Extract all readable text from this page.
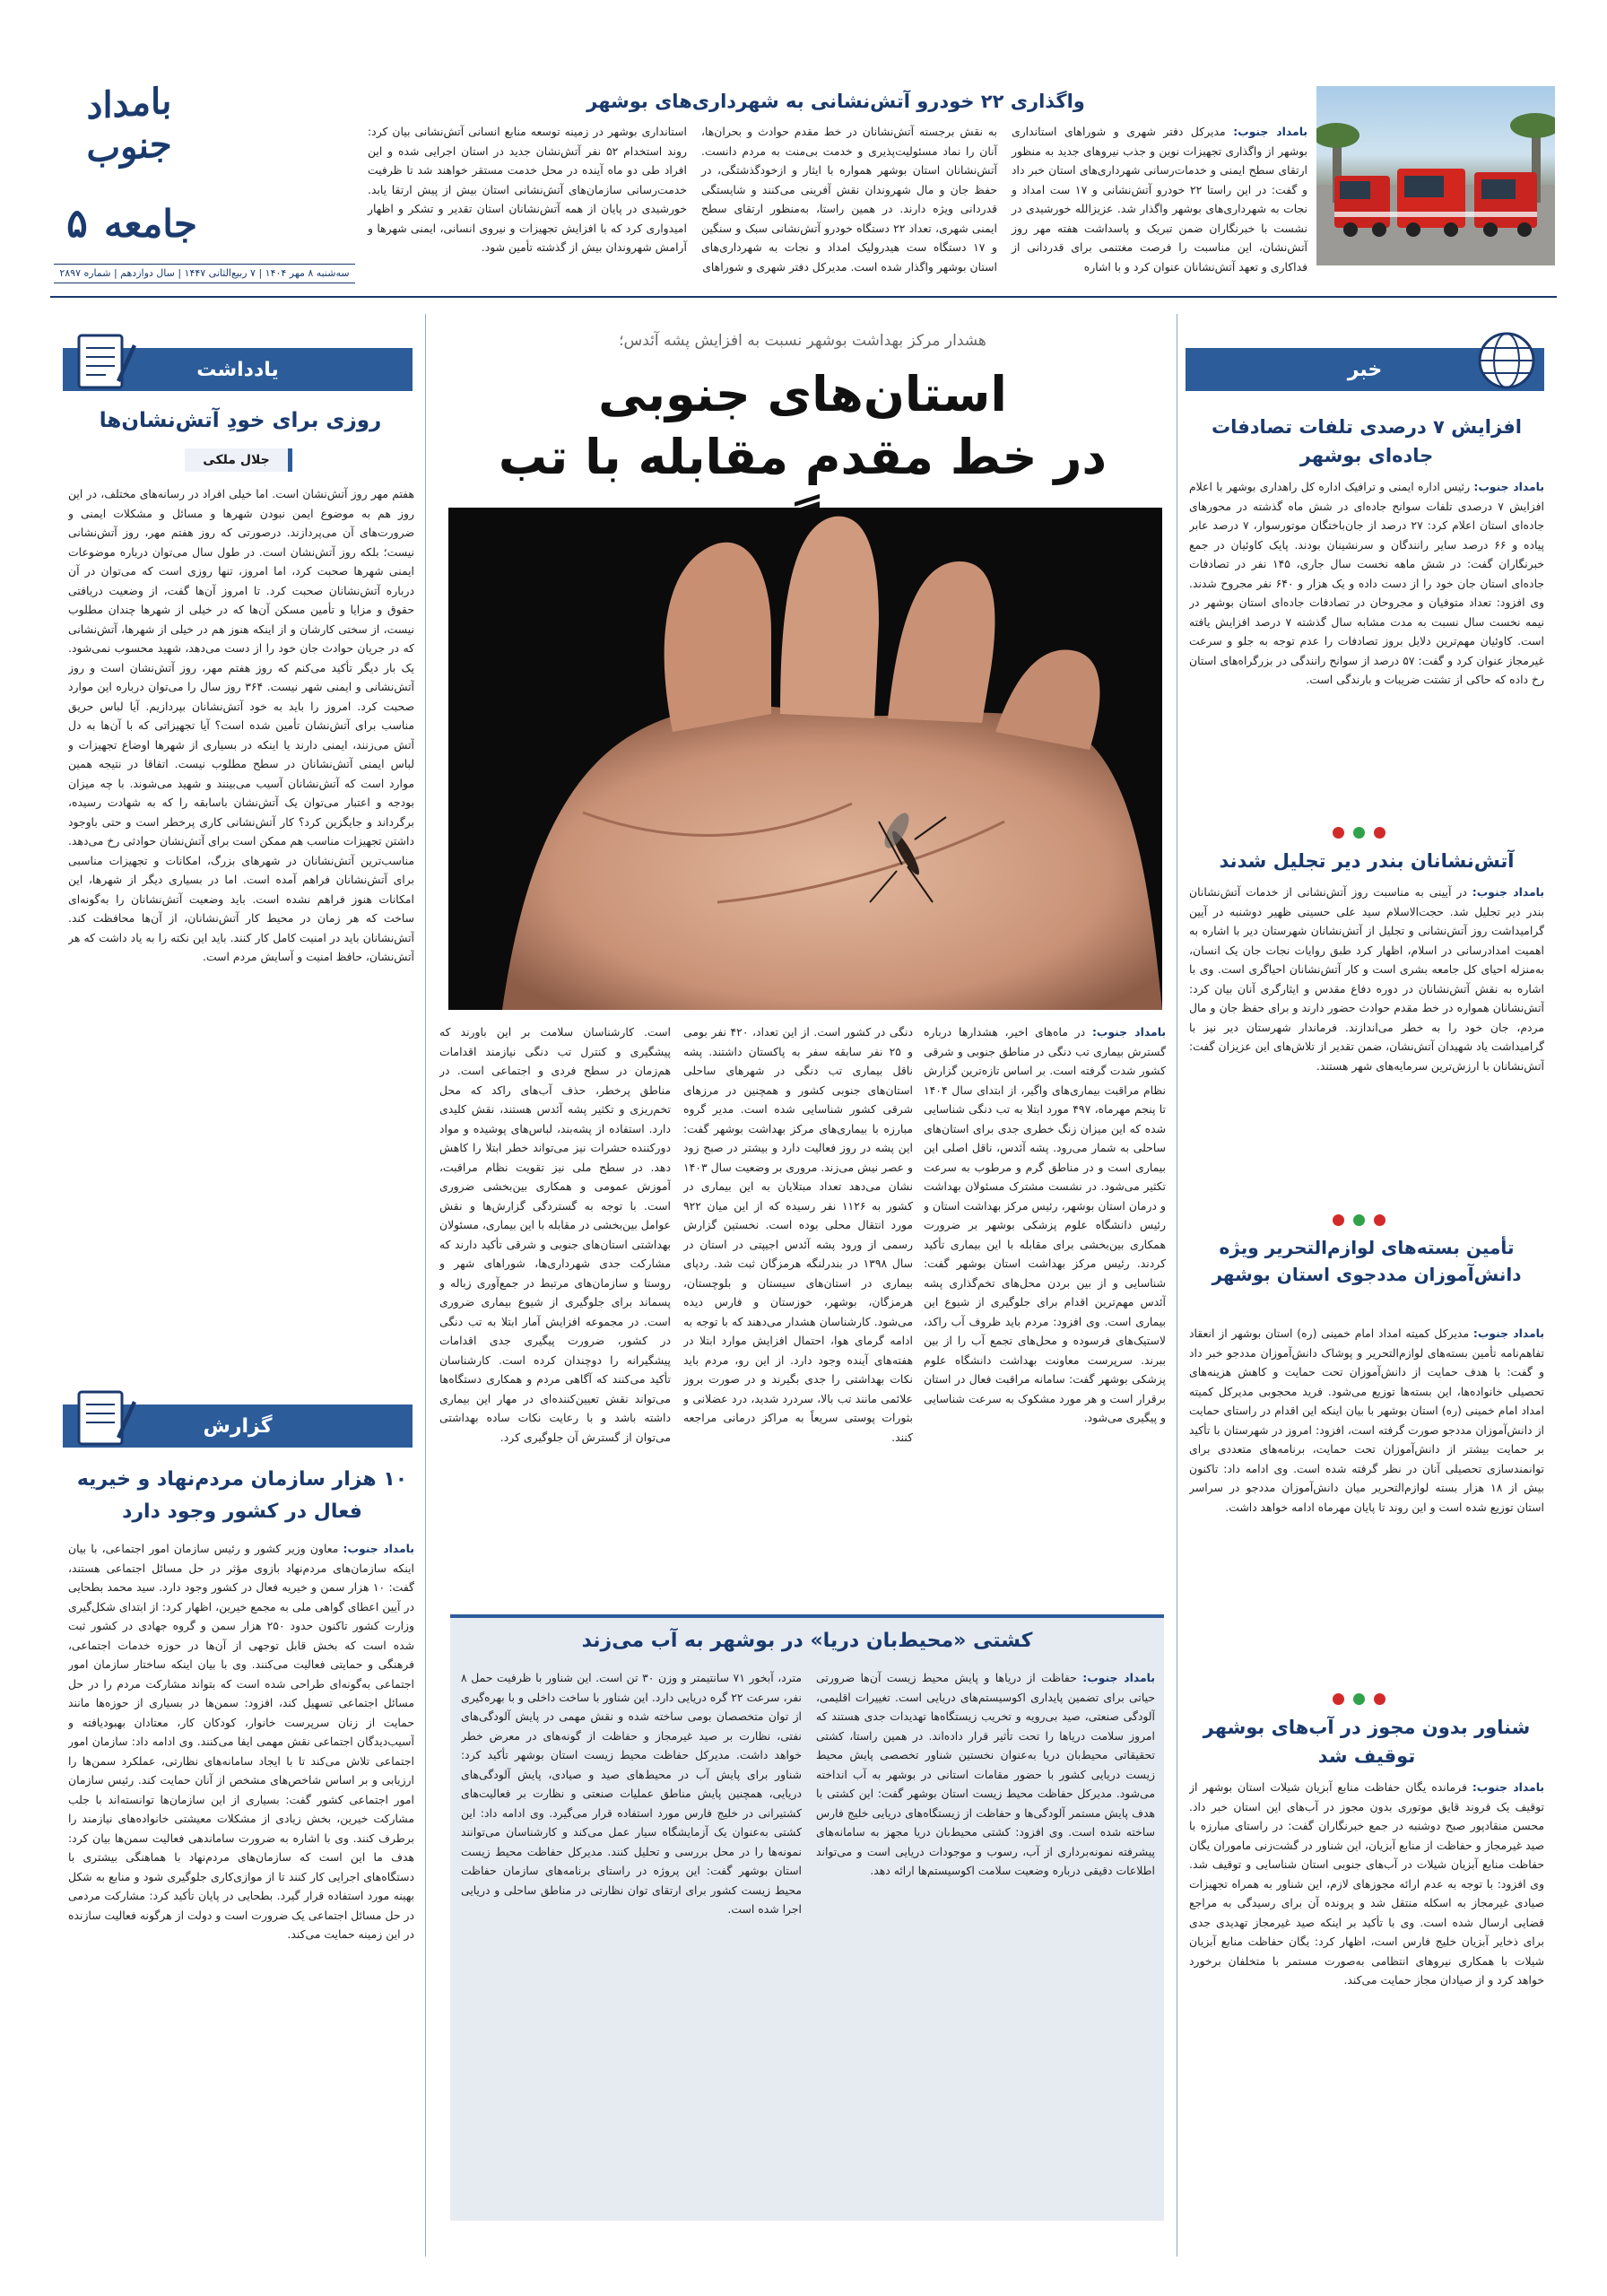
بامداد جنوب
جامعه
۵
سه‌شنبه ۸ مهر ۱۴۰۴ | ۷ ربیع‌الثانی ۱۴۴۷ | سال دوازدهم | شماره ۲۸۹۷
واگذاری ۲۲ خودرو آتش‌نشانی به شهرداری‌های بوشهر
بامداد جنوب: مدیرکل دفتر شهری و شوراهای استانداری بوشهر از واگذاری تجهیزات نوین و جذب نیروهای جدید به منظور ارتقای سطح ایمنی و خدمات‌رسانی شهرداری‌های استان خبر داد و گفت: در این راستا ۲۲ خودرو آتش‌نشانی و ۱۷ ست امداد و نجات به شهرداری‌های بوشهر واگذار شد. عزیزالله خورشیدی در نشست با خبرنگاران ضمن تبریک و پاسداشت هفته مهر روز آتش‌نشان، این مناسبت را فرصت مغتنمی برای قدردانی از فداکاری و تعهد آتش‌نشانان عنوان کرد و با اشاره
به نقش برجسته آتش‌نشانان در خط مقدم حوادث و بحران‌ها، آنان را نماد مسئولیت‌پذیری و خدمت بی‌منت به مردم دانست. آتش‌نشانان استان بوشهر همواره با ایثار و ازخودگذشتگی، در حفظ جان و مال شهروندان نقش آفرینی می‌کنند و شایستگی قدردانی ویژه دارند. در همین راستا، به‌منظور ارتقای سطح ایمنی شهری، تعداد ۲۲ دستگاه خودرو آتش‌نشانی سبک و سنگین و ۱۷ دستگاه ست هیدرولیک امداد و نجات به شهرداری‌های استان بوشهر واگذار شده است. مدیرکل دفتر شهری و شوراهای
استانداری بوشهر در زمینه توسعه منابع انسانی آتش‌نشانی بیان کرد: روند استخدام ۵۲ نفر آتش‌نشان جدید در استان اجرایی شده و این افراد طی دو ماه آینده در محل خدمت مستقر خواهند شد تا ظرفیت خدمت‌رسانی سازمان‌های آتش‌نشانی استان بیش از پیش ارتقا یابد. خورشیدی در پایان از همه آتش‌نشانان استان تقدیر و تشکر و اظهار امیدواری کرد که با افزایش تجهیزات و نیروی انسانی، ایمنی شهرها و آرامش شهروندان بیش از گذشته تأمین شود.
یادداشت
روزی برای خودِ آتش‌نشان‌ها
جلال ملکی
هفتم مهر روز آتش‌نشان است. اما خیلی افراد در رسانه‌های مختلف، در این روز هم به موضوع ایمن نبودن شهرها و مسائل و مشکلات ایمنی و ضرورت‌های آن می‌پردازند. درصورتی که روز هفتم مهر، روز آتش‌نشانی نیست؛ بلکه روز آتش‌نشان است. در طول سال می‌توان درباره موضوعات ایمنی شهرها صحبت کرد، اما امروز، تنها روزی است که می‌توان در آن درباره آتش‌نشانان صحبت کرد. تا امروز آن‌ها گفت، از وضعیت دریافتی حقوق و مزایا و تأمین مسکن آن‌ها که در خیلی از شهرها چندان مطلوب نیست، از سختی کارشان و از اینکه هنوز هم در خیلی از شهرها، آتش‌نشانی که در جریان حوادث جان خود را از دست می‌دهد، شهید محسوب نمی‌شود. یک بار دیگر تأکید می‌کنم که روز هفتم مهر، روز آتش‌نشان است و روز آتش‌نشانی و ایمنی شهر نیست. ۳۶۴ روز سال را می‌توان درباره این موارد صحبت کرد. امروز را باید به خود آتش‌نشانان بپردازیم. آیا لباس حریق مناسب برای آتش‌نشان تأمین شده است؟ آیا تجهیزاتی که با آن‌ها به دل آتش می‌زنند، ایمنی دارند یا اینکه در بسیاری از شهرها اوضاع تجهیزات و لباس ایمنی آتش‌نشانان در سطح مطلوب نیست. اتفاقا در نتیجه همین موارد است که آتش‌نشانان آسیب می‌بینند و شهید می‌شوند. با چه میزان بودجه و اعتبار می‌توان یک آتش‌نشان باسابقه را که به شهادت رسیده، برگرداند و جایگزین کرد؟ کار آتش‌نشانی کاری پرخطر است و حتی باوجود داشتن تجهیزات مناسب هم ممکن است برای آتش‌نشان حوادثی رخ می‌دهد. مناسب‌ترین آتش‌نشانان در شهرهای بزرگ، امکانات و تجهیزات مناسبی برای آتش‌نشانان فراهم آمده است. اما در بسیاری دیگر از شهرها، این امکانات هنوز فراهم نشده است. باید وضعیت آتش‌نشانان را به‌گونه‌ای ساخت که هر زمان در محیط کار آتش‌نشانان، از آن‌ها محافظت کند. آتش‌نشانان باید در امنیت کامل کار کنند. باید این نکته را به یاد داشت که هر آتش‌نشان، حافظ امنیت و آسایش مردم است.
گزارش
۱۰ هزار سازمان مردم‌نهاد و خیریه فعال در کشور وجود دارد
بامداد جنوب: معاون وزیر کشور و رئیس سازمان امور اجتماعی، با بیان اینکه سازمان‌های مردم‌نهاد بازوی مؤثر در حل مسائل اجتماعی هستند، گفت: ۱۰ هزار سمن و خیریه فعال در کشور وجود دارد. سید محمد بطحایی در آیین اعطای گواهی ملی به مجمع خیرین، اظهار کرد: از ابتدای شکل‌گیری وزارت کشور تاکنون حدود ۲۵۰ هزار سمن و گروه جهادی در کشور ثبت شده است که بخش قابل توجهی از آن‌ها در حوزه خدمات اجتماعی، فرهنگی و حمایتی فعالیت می‌کنند. وی با بیان اینکه ساختار سازمان امور اجتماعی به‌گونه‌ای طراحی شده است که بتواند مشارکت مردم را در حل مسائل اجتماعی تسهیل کند، افزود: سمن‌ها در بسیاری از حوزه‌ها مانند حمایت از زنان سرپرست خانوار، کودکان کار، معتادان بهبودیافته و آسیب‌دیدگان اجتماعی نقش مهمی ایفا می‌کنند. وی ادامه داد: سازمان امور اجتماعی تلاش می‌کند تا با ایجاد سامانه‌های نظارتی، عملکرد سمن‌ها را ارزیابی و بر اساس شاخص‌های مشخص از آنان حمایت کند. رئیس سازمان امور اجتماعی کشور گفت: بسیاری از این سازمان‌ها توانسته‌اند با جلب مشارکت خیرین، بخش زیادی از مشکلات معیشتی خانواده‌های نیازمند را برطرف کنند. وی با اشاره به ضرورت ساماندهی فعالیت سمن‌ها بیان کرد: هدف ما این است که سازمان‌های مردم‌نهاد با هماهنگی بیشتری با دستگاه‌های اجرایی کار کنند تا از موازی‌کاری جلوگیری شود و منابع به شکل بهینه مورد استفاده قرار گیرد. بطحایی در پایان تأکید کرد: مشارکت مردمی در حل مسائل اجتماعی یک ضرورت است و دولت از هرگونه فعالیت سازنده در این زمینه حمایت می‌کند.
خبر
افزایش ۷ درصدی تلفات تصادفات جاده‌ای بوشهر
بامداد جنوب: رئیس اداره ایمنی و ترافیک اداره کل راهداری بوشهر با اعلام افزایش ۷ درصدی تلفات سوانح جاده‌ای در شش ماه گذشته در محورهای جاده‌ای استان اعلام کرد: ۲۷ درصد از جان‌باختگان موتورسوار، ۷ درصد عابر پیاده و ۶۶ درصد سایر رانندگان و سرنشینان بودند. پایک کاوئیان در جمع خبرنگاران گفت: در شش ماهه نخست سال جاری، ۱۴۵ نفر در تصادفات جاده‌ای استان جان خود را از دست داده و یک هزار و ۶۴۰ نفر مجروح شدند. وی افزود: تعداد متوفیان و مجروحان در تصادفات جاده‌ای استان بوشهر در نیمه نخست سال نسبت به مدت مشابه سال گذشته ۷ درصد افزایش یافته است. کاوئیان مهم‌ترین دلایل بروز تصادفات را عدم توجه به جلو و سرعت غیرمجاز عنوان کرد و گفت: ۵۷ درصد از سوانح رانندگی در بزرگراه‌های استان رخ داده که حاکی از تشتت ضریبات و بارندگی است.
آتش‌نشانان بندر دیر تجلیل شدند
بامداد جنوب: در آیینی به مناسبت روز آتش‌نشانی از خدمات آتش‌نشانان بندر دیر تجلیل شد. حجت‌الاسلام سید علی حسینی ظهیر دوشنبه در آیین گرامیداشت روز آتش‌نشانی و تجلیل از آتش‌نشانان شهرستان دیر با اشاره به اهمیت امدادرسانی در اسلام، اظهار کرد طبق روایات نجات جان یک انسان، به‌منزله احیای کل جامعه بشری است و کار آتش‌نشانان احیاگری است. وی با اشاره به نقش آتش‌نشانان در دوره دفاع مقدس و ایثارگری آنان بیان کرد: آتش‌نشانان همواره در خط مقدم حوادث حضور دارند و برای حفظ جان و مال مردم، جان خود را به خطر می‌اندازند. فرماندار شهرستان دیر نیز با گرامیداشت یاد شهیدان آتش‌نشان، ضمن تقدیر از تلاش‌های این عزیزان گفت: آتش‌نشانان با ارزش‌ترین سرمایه‌های شهر هستند.
تأمین بسته‌های لوازم‌التحریر ویژه دانش‌آموزان مددجوی استان بوشهر
بامداد جنوب: مدیرکل کمیته امداد امام خمینی (ره) استان بوشهر از انعقاد تفاهم‌نامه تأمین بسته‌های لوازم‌التحریر و پوشاک دانش‌آموزان مددجو خبر داد و گفت: با هدف حمایت از دانش‌آموزان تحت حمایت و کاهش هزینه‌های تحصیلی خانواده‌ها، این بسته‌ها توزیع می‌شود. فرید محجوبی مدیرکل کمیته امداد امام خمینی (ره) استان بوشهر با بیان اینکه این اقدام در راستای حمایت از دانش‌آموزان مددجو صورت گرفته است، افزود: امروز در شهرستان با تأکید بر حمایت بیشتر از دانش‌آموزان تحت حمایت، برنامه‌های متعددی برای توانمندسازی تحصیلی آنان در نظر گرفته شده است. وی ادامه داد: تاکنون بیش از ۱۸ هزار بسته لوازم‌التحریر میان دانش‌آموزان مددجو در سراسر استان توزیع شده است و این روند تا پایان مهرماه ادامه خواهد داشت.
شناور بدون مجوز در آب‌های بوشهر توقیف شد
بامداد جنوب: فرمانده یگان حفاظت منابع آبزیان شیلات استان بوشهر از توقیف یک فروند قایق موتوری بدون مجوز در آب‌های این استان خبر داد. محسن منقاد‌پور صبح دوشنبه در جمع خبرنگاران گفت: در راستای مبارزه با صید غیرمجاز و حفاظت از منابع آبزیان، این شناور در گشت‌زنی ماموران یگان حفاظت منابع آبزیان شیلات در آب‌های جنوبی استان شناسایی و توقیف شد. وی افزود: با توجه به عدم ارائه مجوزهای لازم، این شناور به همراه تجهیزات صیادی غیرمجاز به اسکله منتقل شد و پرونده آن برای رسیدگی به مراجع قضایی ارسال شده است. وی با تأکید بر اینکه صید غیرمجاز تهدیدی جدی برای ذخایر آبزیان خلیج فارس است، اظهار کرد: یگان حفاظت منابع آبزیان شیلات با همکاری نیروهای انتظامی به‌صورت مستمر با متخلفان برخورد خواهد کرد و از صیادان مجاز حمایت می‌کند.
هشدار مرکز بهداشت بوشهر نسبت به افزایش پشه آئدس؛
استان‌های جنوبی
در خط مقدم مقابله با تب
بامداد جنوب: در ماه‌های اخیر، هشدارها درباره گسترش بیماری تب دنگی در مناطق جنوبی و شرقی کشور شدت گرفته است. بر اساس تازه‌ترین گزارش نظام مراقبت بیماری‌های واگیر، از ابتدای سال ۱۴۰۴ تا پنجم مهرماه، ۴۹۷ مورد ابتلا به تب دنگی شناسایی شده که این میزان زنگ خطری جدی برای استان‌های ساحلی به شمار می‌رود. پشه آئدس، ناقل اصلی این بیماری است و در مناطق گرم و مرطوب به سرعت تکثیر می‌شود. در نشست مشترک مسئولان بهداشت و درمان استان بوشهر، رئیس مرکز بهداشت استان و رئیس دانشگاه علوم پزشکی بوشهر بر ضرورت همکاری بین‌بخشی برای مقابله با این بیماری تأکید کردند. رئیس مرکز بهداشت استان بوشهر گفت: شناسایی و از بین بردن محل‌های تخم‌گذاری پشه آئدس مهم‌ترین اقدام برای جلوگیری از شیوع این بیماری است. وی افزود: مردم باید ظروف آب راکد، لاستیک‌های فرسوده و محل‌های تجمع آب را از بین ببرند. سرپرست معاونت بهداشت دانشگاه علوم پزشکی بوشهر گفت: سامانه مراقبت فعال در استان برقرار است و هر مورد مشکوک به سرعت شناسایی و پیگیری می‌شود.
دنگی در کشور است. از این تعداد، ۴۲۰ نفر بومی و ۲۵ نفر سابقه سفر به پاکستان داشتند. پشه ناقل بیماری تب دنگی در شهرهای ساحلی استان‌های جنوبی کشور و همچنین در مرزهای شرقی کشور شناسایی شده است. مدیر گروه مبارزه با بیماری‌های مرکز بهداشت بوشهر گفت: این پشه در روز فعالیت دارد و بیشتر در صبح زود و عصر نیش می‌زند. مروری بر وضعیت سال ۱۴۰۳ نشان می‌دهد تعداد مبتلایان به این بیماری در کشور به ۱۱۲۶ نفر رسیده که از این میان ۹۲۲ مورد انتقال محلی بوده است. نخستین گزارش رسمی از ورود پشه آئدس اجیپتی در استان در سال ۱۳۹۸ در بندرلنگه هرمزگان ثبت شد. ردپای بیماری در استان‌های سیستان و بلوچستان، هرمزگان، بوشهر، خوزستان و فارس دیده می‌شود. کارشناسان هشدار می‌دهند که با توجه به ادامه گرمای هوا، احتمال افزایش موارد ابتلا در هفته‌های آینده وجود دارد. از این رو، مردم باید نکات بهداشتی را جدی بگیرند و در صورت بروز علائمی مانند تب بالا، سردرد شدید، درد عضلانی و بثورات پوستی سریعاً به مراکز درمانی مراجعه کنند.
است. کارشناسان سلامت بر این باورند که پیشگیری و کنترل تب دنگی نیازمند اقدامات هم‌زمان در سطح فردی و اجتماعی است. در مناطق پرخطر، حذف آب‌های راکد که محل تخم‌ریزی و تکثیر پشه آئدس هستند، نقش کلیدی دارد. استفاده از پشه‌بند، لباس‌های پوشیده و مواد دورکننده حشرات نیز می‌تواند خطر ابتلا را کاهش دهد. در سطح ملی نیز تقویت نظام مراقبت، آموزش عمومی و همکاری بین‌بخشی ضروری است. با توجه به گستردگی گزارش‌ها و نقش عوامل بین‌بخشی در مقابله با این بیماری، مسئولان بهداشتی استان‌های جنوبی و شرقی تأکید دارند که مشارکت جدی شهرداری‌ها، شوراهای شهر و روستا و سازمان‌های مرتبط در جمع‌آوری زباله و پسماند برای جلوگیری از شیوع بیماری ضروری است. در مجموعه افزایش آمار ابتلا به تب دنگی در کشور، ضرورت پیگیری جدی اقدامات پیشگیرانه را دوچندان کرده است. کارشناسان تأکید می‌کنند که آگاهی مردم و همکاری دستگاه‌ها می‌تواند نقش تعیین‌کننده‌ای در مهار این بیماری داشته باشد و با رعایت نکات ساده بهداشتی می‌توان از گسترش آن جلوگیری کرد.
کشتی «محیط‌بان دریا» در بوشهر به آب می‌زند
بامداد جنوب: حفاظت از دریاها و پایش محیط زیست آن‌ها ضرورتی حیاتی برای تضمین پایداری اکوسیستم‌های دریایی است. تغییرات اقلیمی، آلودگی صنعتی، صید بی‌رویه و تخریب زیستگاه‌ها تهدیدات جدی هستند که امروز سلامت دریاها را تحت تأثیر قرار داده‌اند. در همین راستا، کشتی تحقیقاتی محیط‌بان دریا به‌عنوان نخستین شناور تخصصی پایش محیط زیست دریایی کشور با حضور مقامات استانی در بوشهر به آب انداخته می‌شود. مدیرکل حفاظت محیط زیست استان بوشهر گفت: این کشتی با هدف پایش مستمر آلودگی‌ها و حفاظت از زیستگاه‌های دریایی خلیج فارس ساخته شده است. وی افزود: کشتی محیط‌بان دریا مجهز به سامانه‌های پیشرفته نمونه‌برداری از آب، رسوب و موجودات دریایی است و می‌تواند اطلاعات دقیقی درباره وضعیت سلامت اکوسیستم‌ها ارائه دهد.
مترد، آبخور ۷۱ سانتیمتر و وزن ۳۰ تن است. این شناور با ظرفیت حمل ۸ نفر، سرعت ۲۲ گره دریایی دارد. این شناور با ساخت داخلی و با بهره‌گیری از توان متخصصان بومی ساخته شده و نقش مهمی در پایش آلودگی‌های نفتی، نظارت بر صید غیرمجاز و حفاظت از گونه‌های در معرض خطر خواهد داشت. مدیرکل حفاظت محیط زیست استان بوشهر تأکید کرد: شناور برای پایش آب در محیط‌های صید و صیادی، پایش آلودگی‌های دریایی، همچنین پایش مناطق عملیات صنعتی و نظارت بر فعالیت‌های کشتیرانی در خلیج فارس مورد استفاده قرار می‌گیرد. وی ادامه داد: این کشتی به‌عنوان یک آزمایشگاه سیار عمل می‌کند و کارشناسان می‌توانند نمونه‌ها را در محل بررسی و تحلیل کنند. مدیرکل حفاظت محیط زیست استان بوشهر گفت: این پروژه در راستای برنامه‌های سازمان حفاظت محیط زیست کشور برای ارتقای توان نظارتی در مناطق ساحلی و دریایی اجرا شده است.
